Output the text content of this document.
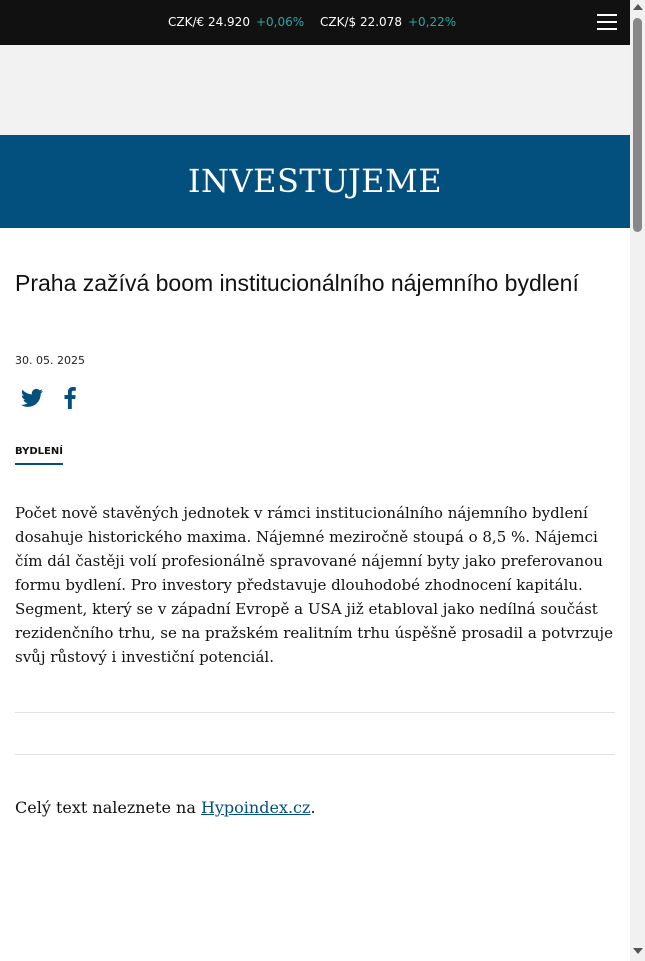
CZK/€ 24.920 +0,06% CZK/$ 22.078 +0,22%
INVESTUJEME
Praha zažívá boom institucionálního nájemního bydlení
30. 05. 2025
BYDLENÍ

Počet nově stavěných jednotek v rámci institucionálního nájemního bydlení dosahuje historického maxima. Nájemné meziročně stoupá o 8,5 %. Nájemci čím dál častěji volí profesionálně spravované nájemní byty jako preferovanou formu bydlení. Pro investory představuje dlouhodobé zhodnocení kapitálu. Segment, který se v západní Evropě a USA již etabloval jako nedílná součást rezidenčního trhu, se na pražském realitním trhu úspěšně prosadil a potvrzuje svůj růstový i investiční potenciál.

Celý text naleznete na Hypoindex.cz.
